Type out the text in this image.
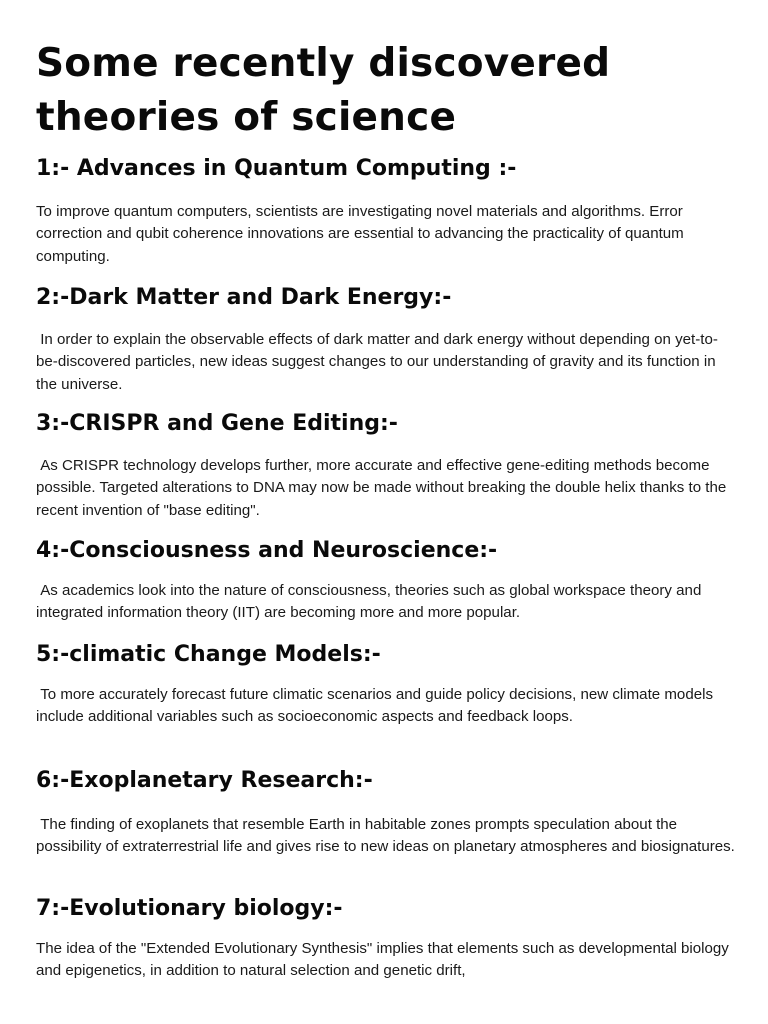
Some recently discovered
theories of science
1:- Advances in Quantum Computing :-

To improve quantum computers, scientists are investigating novel materials and algorithms. Error correction and qubit coherence innovations are essential to advancing the practicality of quantum computing.

2:-Dark Matter and Dark Energy:-

In order to explain the observable effects of dark matter and dark energy without depending on yet-to-be-discovered particles, new ideas suggest changes to our understanding of gravity and its function in the universe.

3:-CRISPR and Gene Editing:-

As CRISPR technology develops further, more accurate and effective gene-editing methods become possible. Targeted alterations to DNA may now be made without breaking the double helix thanks to the recent invention of "base editing".

4:-Consciousness and Neuroscience:-

As academics look into the nature of consciousness, theories such as global workspace theory and integrated information theory (IIT) are becoming more and more popular.

5:-climatic Change Models:-

To more accurately forecast future climatic scenarios and guide policy decisions, new climate models include additional variables such as socioeconomic aspects and feedback loops.

6:-Exoplanetary Research:-

The finding of exoplanets that resemble Earth in habitable zones prompts speculation about the possibility of extraterrestrial life and gives rise to new ideas on planetary atmospheres and biosignatures.

7:-Evolutionary biology:-

The idea of the "Extended Evolutionary Synthesis" implies that elements such as developmental biology and epigenetics, in addition to natural selection and genetic drift,
